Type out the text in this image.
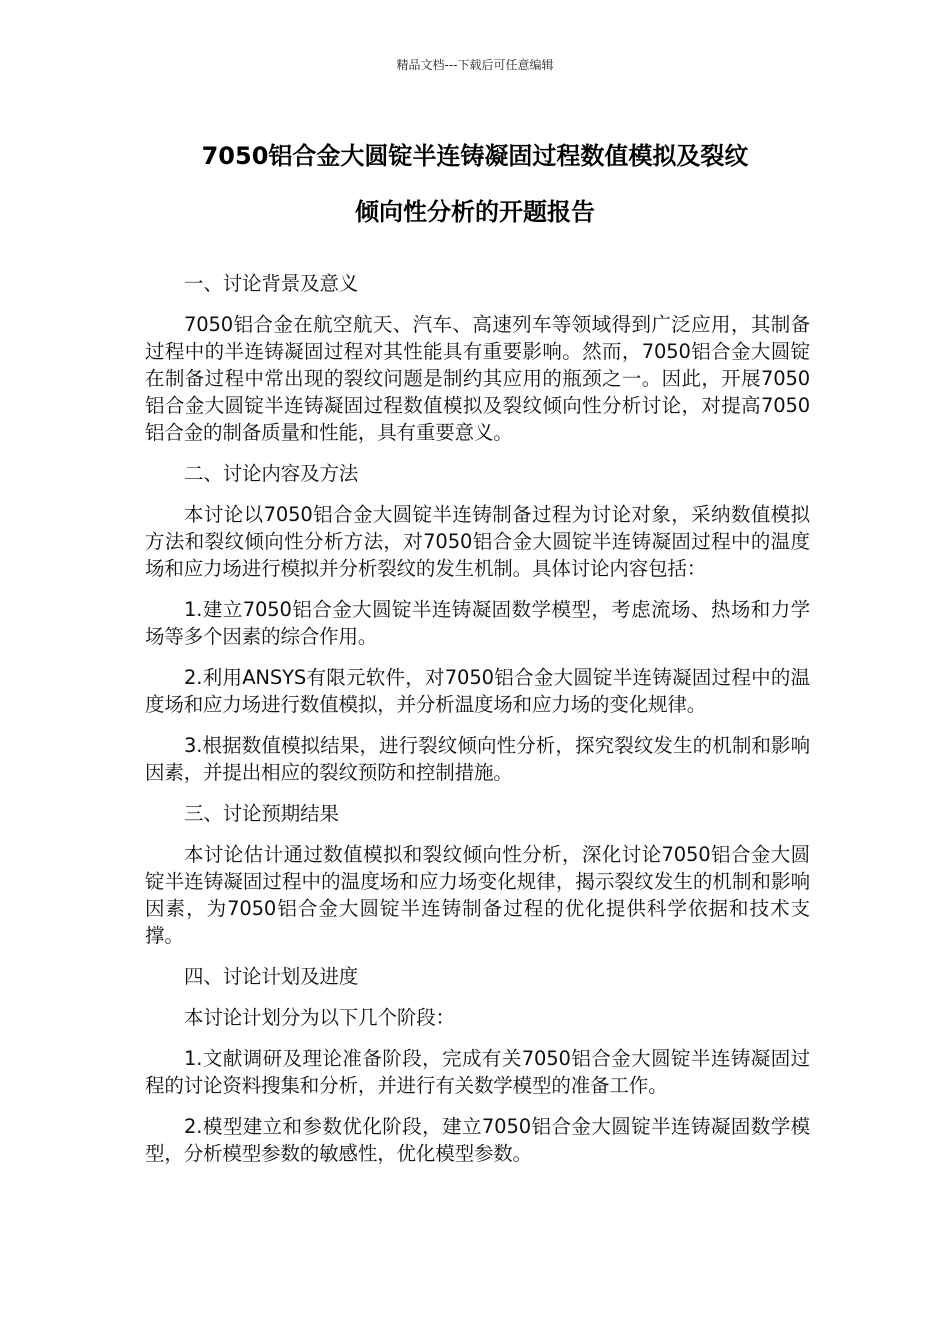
精品文档---下载后可任意编辑
7050铝合金大圆锭半连铸凝固过程数值模拟及裂纹
倾向性分析的开题报告

一、讨论背景及意义

7050铝合金在航空航天、汽车、高速列车等领域得到广泛应用，其制备过程中的半连铸凝固过程对其性能具有重要影响。然而，7050铝合金大圆锭在制备过程中常出现的裂纹问题是制约其应用的瓶颈之一。因此，开展7050铝合金大圆锭半连铸凝固过程数值模拟及裂纹倾向性分析讨论，对提高7050铝合金的制备质量和性能，具有重要意义。

二、讨论内容及方法

本讨论以7050铝合金大圆锭半连铸制备过程为讨论对象，采纳数值模拟方法和裂纹倾向性分析方法，对7050铝合金大圆锭半连铸凝固过程中的温度场和应力场进行模拟并分析裂纹的发生机制。具体讨论内容包括：

1.建立7050铝合金大圆锭半连铸凝固数学模型，考虑流场、热场和力学场等多个因素的综合作用。

2.利用ANSYS有限元软件，对7050铝合金大圆锭半连铸凝固过程中的温度场和应力场进行数值模拟，并分析温度场和应力场的变化规律。

3.根据数值模拟结果，进行裂纹倾向性分析，探究裂纹发生的机制和影响因素，并提出相应的裂纹预防和控制措施。

三、讨论预期结果

本讨论估计通过数值模拟和裂纹倾向性分析，深化讨论7050铝合金大圆锭半连铸凝固过程中的温度场和应力场变化规律，揭示裂纹发生的机制和影响因素，为7050铝合金大圆锭半连铸制备过程的优化提供科学依据和技术支撑。

四、讨论计划及进度

本讨论计划分为以下几个阶段：

1.文献调研及理论准备阶段，完成有关7050铝合金大圆锭半连铸凝固过程的讨论资料搜集和分析，并进行有关数学模型的准备工作。

2.模型建立和参数优化阶段，建立7050铝合金大圆锭半连铸凝固数学模型，分析模型参数的敏感性，优化模型参数。
